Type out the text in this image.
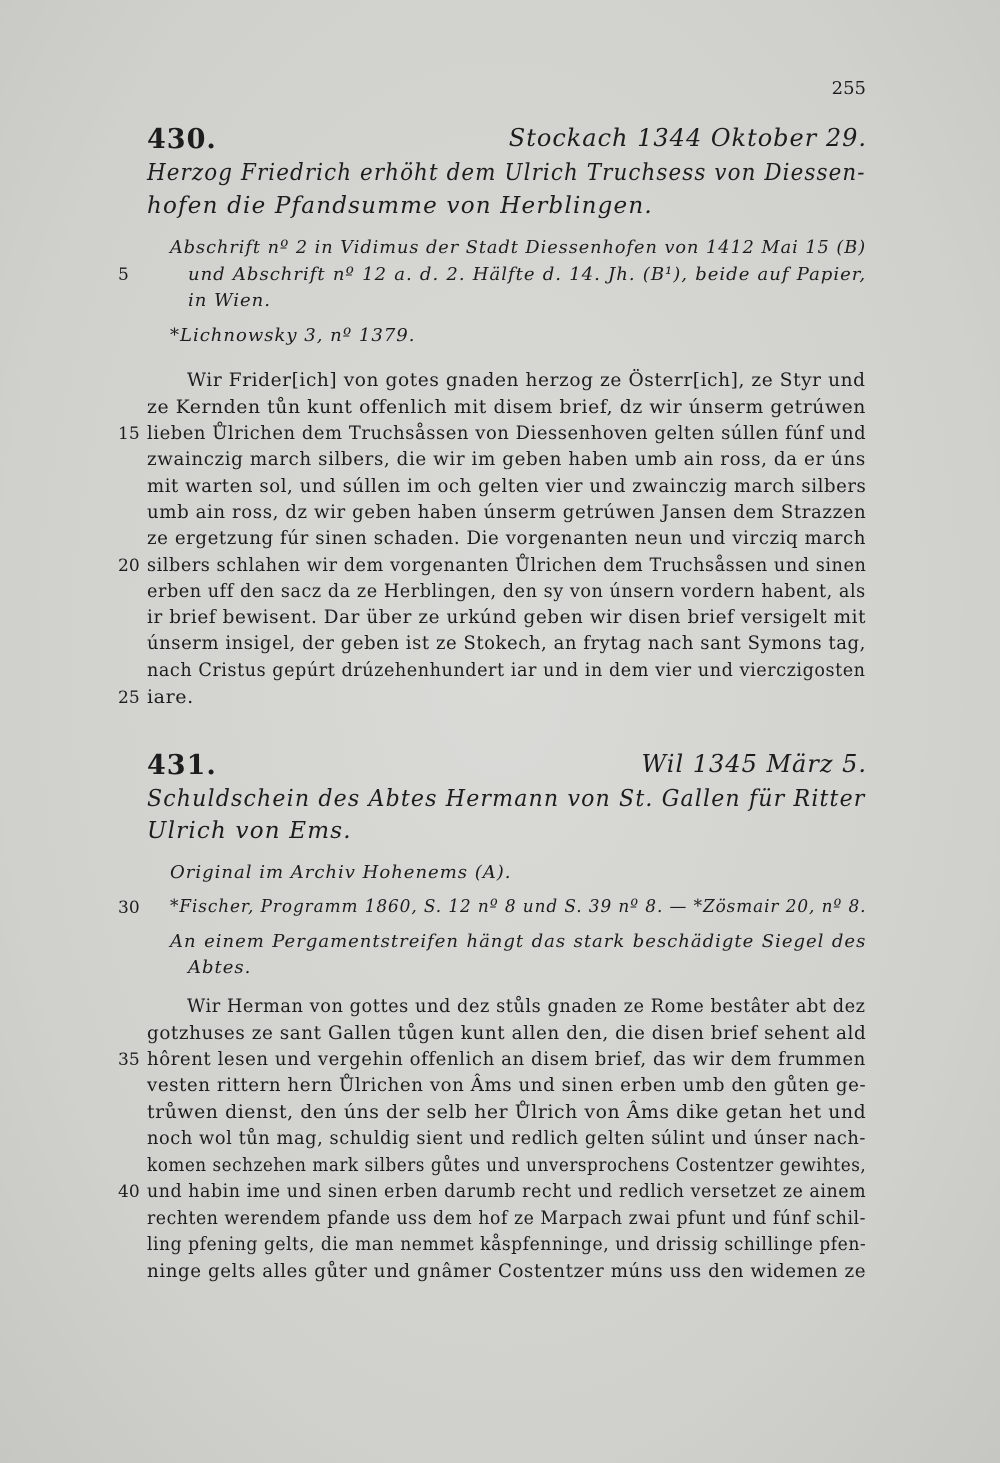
255
430.	Stockach 1344 Oktober 29.
Herzog Friedrich erhöht dem Ulrich Truchsess von Diessen-
hofen die Pfandsumme von Herblingen.
Abschrift nº 2 in Vidimus der Stadt Diessenhofen von 1412 Mai 15 (B)
5	und Abschrift nº 12 a. d. 2. Hälfte d. 14. Jh. (B¹), beide auf Papier,
in Wien.
*Lichnowsky 3, nº 1379.
Wir Frider[ich] von gotes gnaden herzog ze Österr[ich], ze Styr und
ze Kernden tůn kunt offenlich mit disem brief, dz wir únserm getrúwen
15 lieben Ůlrichen dem Truchsåssen von Diessenhoven gelten súllen fúnf und
zwainczig march silbers, die wir im geben haben umb ain ross, da er úns
mit warten sol, und súllen im och gelten vier und zwainczig march silbers
umb ain ross, dz wir geben haben únserm getrúwen Jansen dem Strazzen
ze ergetzung fúr sinen schaden. Die vorgenanten neun und vircziq march
20 silbers schlahen wir dem vorgenanten Ůlrichen dem Truchsåssen und sinen
erben uff den sacz da ze Herblingen, den sy von únsern vordern habent, als
ir brief bewisent. Dar über ze urkúnd geben wir disen brief versigelt mit
únserm insigel, der geben ist ze Stokech, an frytag nach sant Symons tag,
nach Cristus gepúrt drúzehenhundert iar und in dem vier und vierczigosten
25 iare.
431.	Wil 1345 März 5.
Schuldschein des Abtes Hermann von St. Gallen für Ritter
Ulrich von Ems.
Original im Archiv Hohenems (A).
30 *Fischer, Programm 1860, S. 12 nº 8 und S. 39 nº 8. — *Zösmair 20, nº 8.
An einem Pergamentstreifen hängt das stark beschädigte Siegel des
Abtes.
Wir Herman von gottes und dez stůls gnaden ze Rome bestâter abt dez
gotzhuses ze sant Gallen tůgen kunt allen den, die disen brief sehent ald
35 hôrent lesen und vergehin offenlich an disem brief, das wir dem frummen
vesten rittern hern Ůlrichen von Âms und sinen erben umb den gůten ge-
trůwen dienst, den úns der selb her Ůlrich von Âms dike getan het und
noch wol tůn mag, schuldig sient und redlich gelten súlint und únser nach-
komen sechzehen mark silbers gůtes und unversprochens Costentzer gewihtes,
40 und habin ime und sinen erben darumb recht und redlich versetzet ze ainem
rechten werendem pfande uss dem hof ze Marpach zwai pfunt und fúnf schil-
ling pfening gelts, die man nemmet kåspfenninge, und drissig schillinge pfen-
ninge gelts alles gůter und gnâmer Costentzer múns uss den widemen ze
